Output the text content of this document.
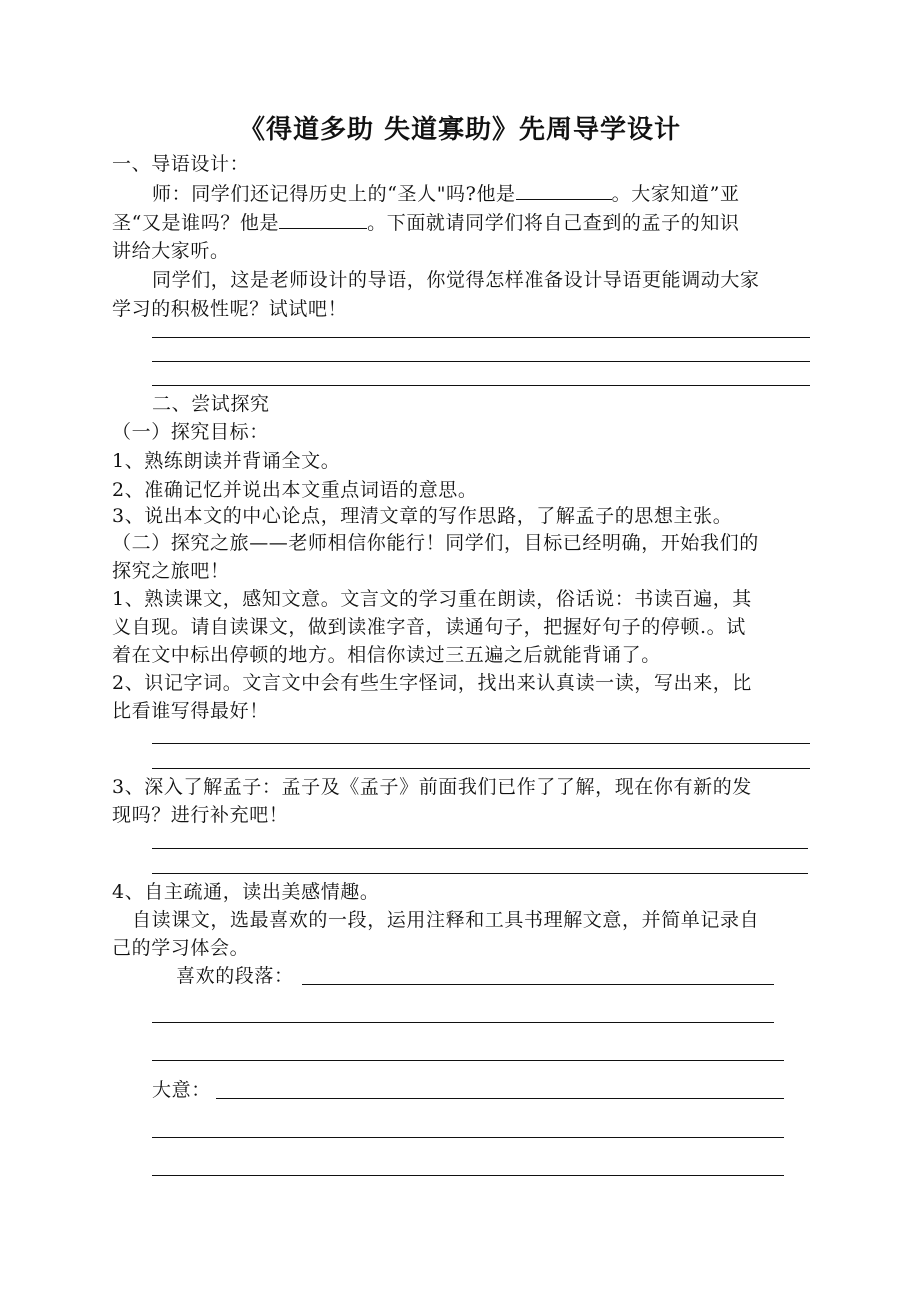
《得道多助 失道寡助》先周导学设计
一、导语设计：
师：同学们还记得历史上的“圣人"吗?他是	。大家知道”亚
圣“又是谁吗？他是	。下面就请同学们将自己查到的孟子的知识
讲给大家听。
同学们，这是老师设计的导语，你觉得怎样准备设计导语更能调动大家
学习的积极性呢？试试吧！
二、尝试探究
（一）探究目标：
1、熟练朗读并背诵全文。
2、准确记忆并说出本文重点词语的意思。
3、说出本文的中心论点，理清文章的写作思路，了解孟子的思想主张。
（二）探究之旅——老师相信你能行！同学们，目标已经明确，开始我们的
探究之旅吧！
1、熟读课文，感知文意。文言文的学习重在朗读，俗话说：书读百遍，其
义自现。请自读课文，做到读准字音，读通句子，把握好句子的停顿.。试
着在文中标出停顿的地方。相信你读过三五遍之后就能背诵了。
2、识记字词。文言文中会有些生字怪词，找出来认真读一读，写出来，比
比看谁写得最好！
3、深入了解孟子：孟子及《孟子》前面我们已作了了解，现在你有新的发
现吗？进行补充吧！
4、自主疏通，读出美感情趣。
自读课文，选最喜欢的一段，运用注释和工具书理解文意，并简单记录自
己的学习体会。
喜欢的段落：
大意：
